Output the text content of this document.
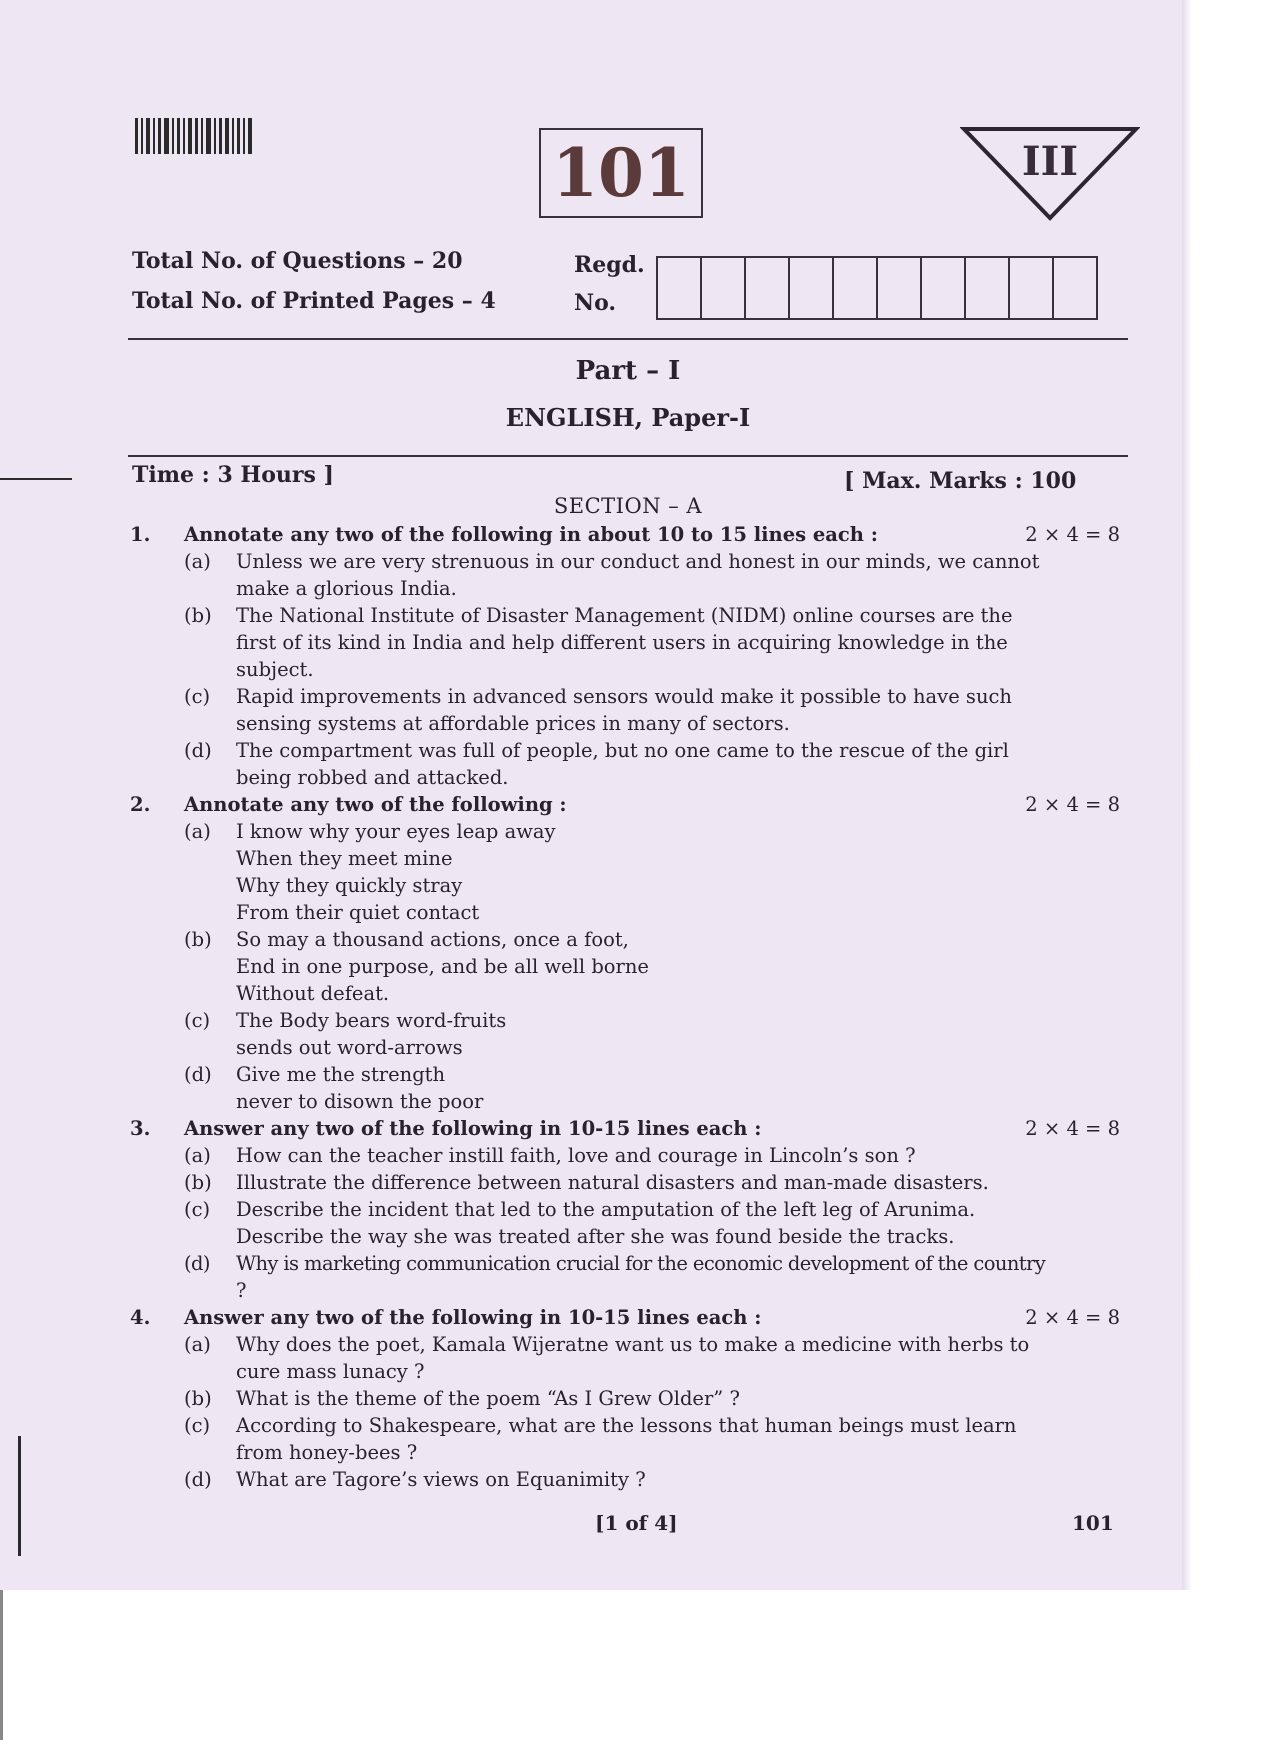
101	III
Total No. of Questions – 20
Total No. of Printed Pages – 4
Regd.
No.
Part – I
ENGLISH, Paper-I
Time : 3 Hours ]	[ Max. Marks : 100
SECTION – A
1. Annotate any two of the following in about 10 to 15 lines each :	2 × 4 = 8
(a) Unless we are very strenuous in our conduct and honest in our minds, we cannot make a glorious India.
(b) The National Institute of Disaster Management (NIDM) online courses are the first of its kind in India and help different users in acquiring knowledge in the subject.
(c) Rapid improvements in advanced sensors would make it possible to have such sensing systems at affordable prices in many of sectors.
(d) The compartment was full of people, but no one came to the rescue of the girl being robbed and attacked.
2. Annotate any two of the following :	2 × 4 = 8
(a) I know why your eyes leap away
When they meet mine
Why they quickly stray
From their quiet contact
(b) So may a thousand actions, once a foot,
End in one purpose, and be all well borne
Without defeat.
(c) The Body bears word-fruits
sends out word-arrows
(d) Give me the strength
never to disown the poor
3. Answer any two of the following in 10-15 lines each :	2 × 4 = 8
(a) How can the teacher instill faith, love and courage in Lincoln’s son ?
(b) Illustrate the difference between natural disasters and man-made disasters.
(c) Describe the incident that led to the amputation of the left leg of Arunima. Describe the way she was treated after she was found beside the tracks.
(d) Why is marketing communication crucial for the economic development of the country ?
4. Answer any two of the following in 10-15 lines each :	2 × 4 = 8
(a) Why does the poet, Kamala Wijeratne want us to make a medicine with herbs to cure mass lunacy ?
(b) What is the theme of the poem “As I Grew Older” ?
(c) According to Shakespeare, what are the lessons that human beings must learn from honey-bees ?
(d) What are Tagore’s views on Equanimity ?
[1 of 4]	101
